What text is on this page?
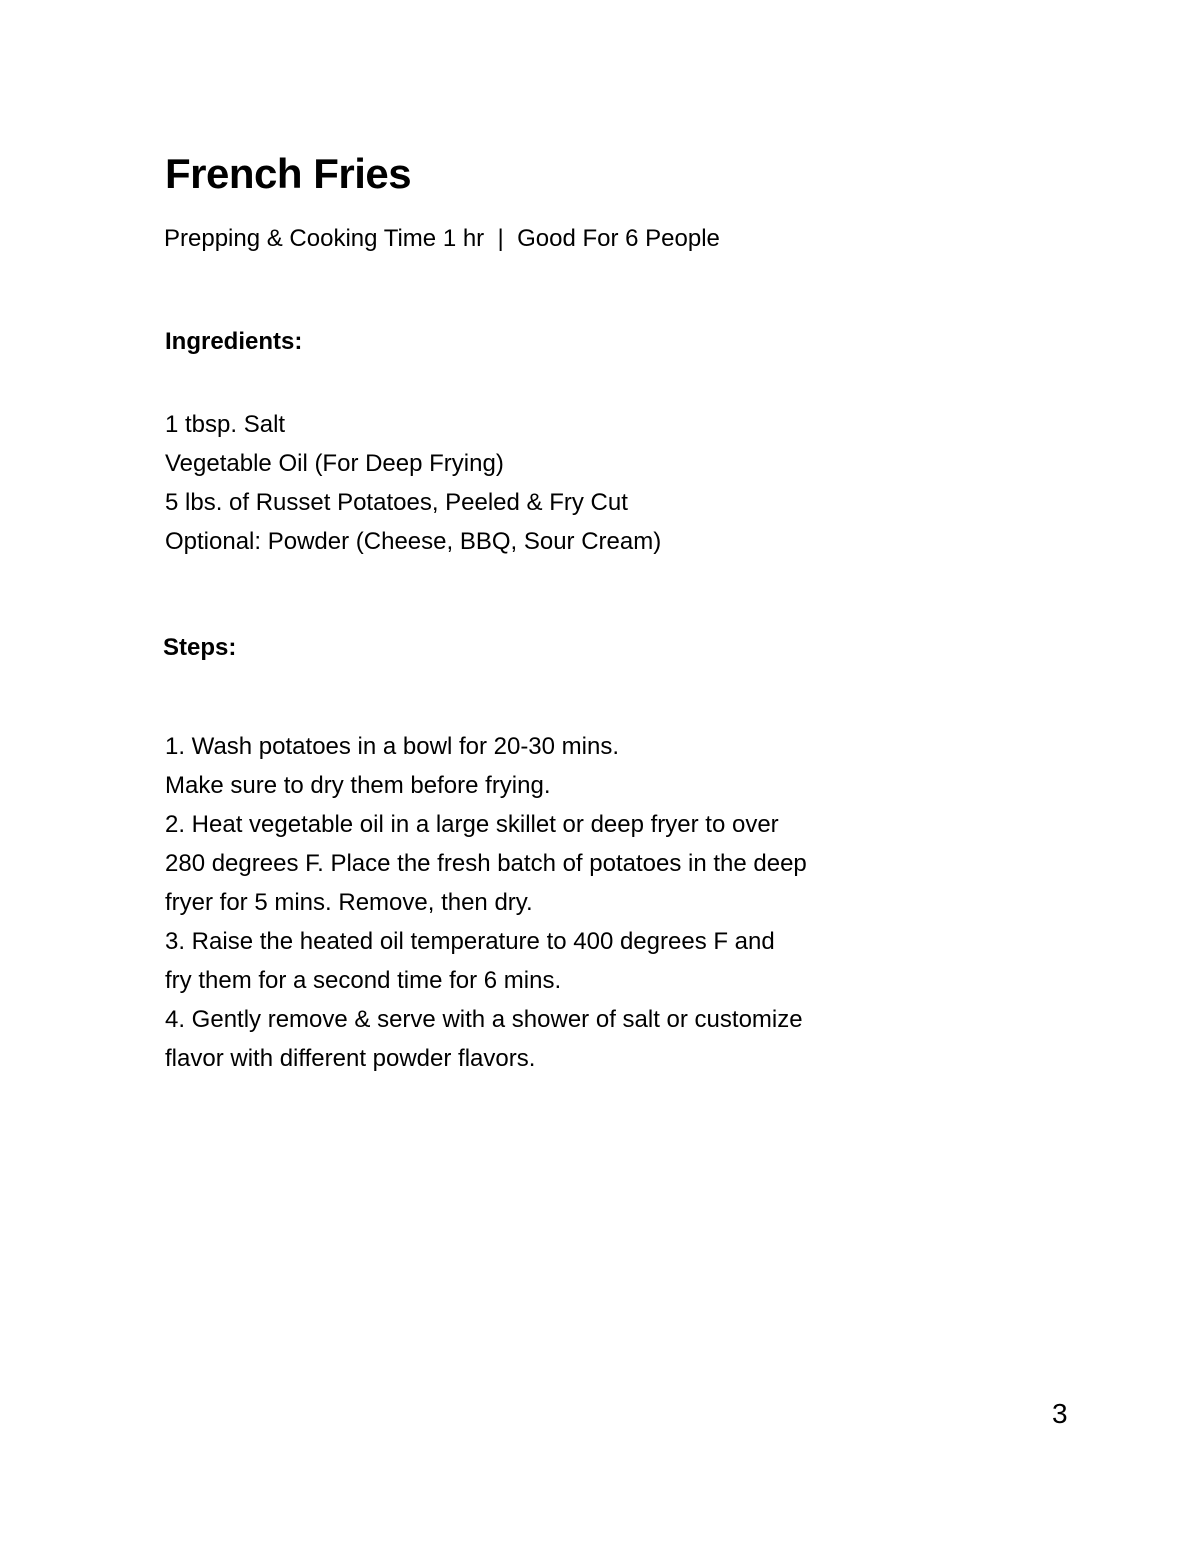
French Fries
Prepping & Cooking Time 1 hr  |  Good For 6 People
Ingredients:
1 tbsp. Salt
Vegetable Oil (For Deep Frying)
5 lbs. of Russet Potatoes, Peeled & Fry Cut
Optional: Powder (Cheese, BBQ, Sour Cream)
Steps:
1. Wash potatoes in a bowl for 20-30 mins.
Make sure to dry them before frying.
2. Heat vegetable oil in a large skillet or deep fryer to over
280 degrees F. Place the fresh batch of potatoes in the deep
fryer for 5 mins. Remove, then dry.
3. Raise the heated oil temperature to 400 degrees F and
fry them for a second time for 6 mins.
4. Gently remove & serve with a shower of salt or customize
flavor with different powder flavors.
3
